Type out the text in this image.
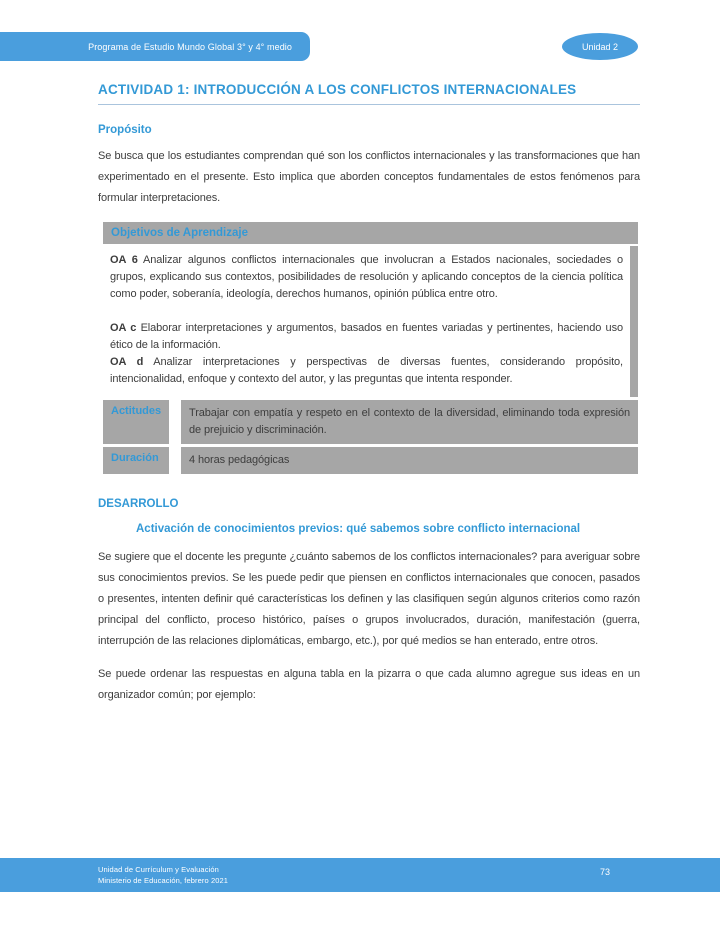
Programa de Estudio Mundo Global 3° y 4° medio	Unidad 2
ACTIVIDAD 1: INTRODUCCIÓN A LOS CONFLICTOS INTERNACIONALES
Propósito

Se busca que los estudiantes comprendan qué son los conflictos internacionales y las transformaciones que han experimentado en el presente. Esto implica que aborden conceptos fundamentales de estos fenómenos para formular interpretaciones.

Objetivos de Aprendizaje

OA 6 Analizar algunos conflictos internacionales que involucran a Estados nacionales, sociedades o grupos, explicando sus contextos, posibilidades de resolución y aplicando conceptos de la ciencia política como poder, soberanía, ideología, derechos humanos, opinión pública entre otro.

OA c Elaborar interpretaciones y argumentos, basados en fuentes variadas y pertinentes, haciendo uso ético de la información.

OA d Analizar interpretaciones y perspectivas de diversas fuentes, considerando propósito, intencionalidad, enfoque y contexto del autor, y las preguntas que intenta responder.

Actitudes	Trabajar con empatía y respeto en el contexto de la diversidad, eliminando toda expresión de prejuicio y discriminación.
Duración	4 horas pedagógicas
DESARROLLO
Activación de conocimientos previos: qué sabemos sobre conflicto internacional

Se sugiere que el docente les pregunte ¿cuánto sabemos de los conflictos internacionales? para averiguar sobre sus conocimientos previos. Se les puede pedir que piensen en conflictos internacionales que conocen, pasados o presentes, intenten definir qué características los definen y las clasifiquen según algunos criterios como razón principal del conflicto, proceso histórico, países o grupos involucrados, duración, manifestación (guerra, interrupción de las relaciones diplomáticas, embargo, etc.), por qué medios se han enterado, entre otros.

Se puede ordenar las respuestas en alguna tabla en la pizarra o que cada alumno agregue sus ideas en un organizador común; por ejemplo:

Unidad de Currículum y Evaluación
Ministerio de Educación, febrero 2021
73
